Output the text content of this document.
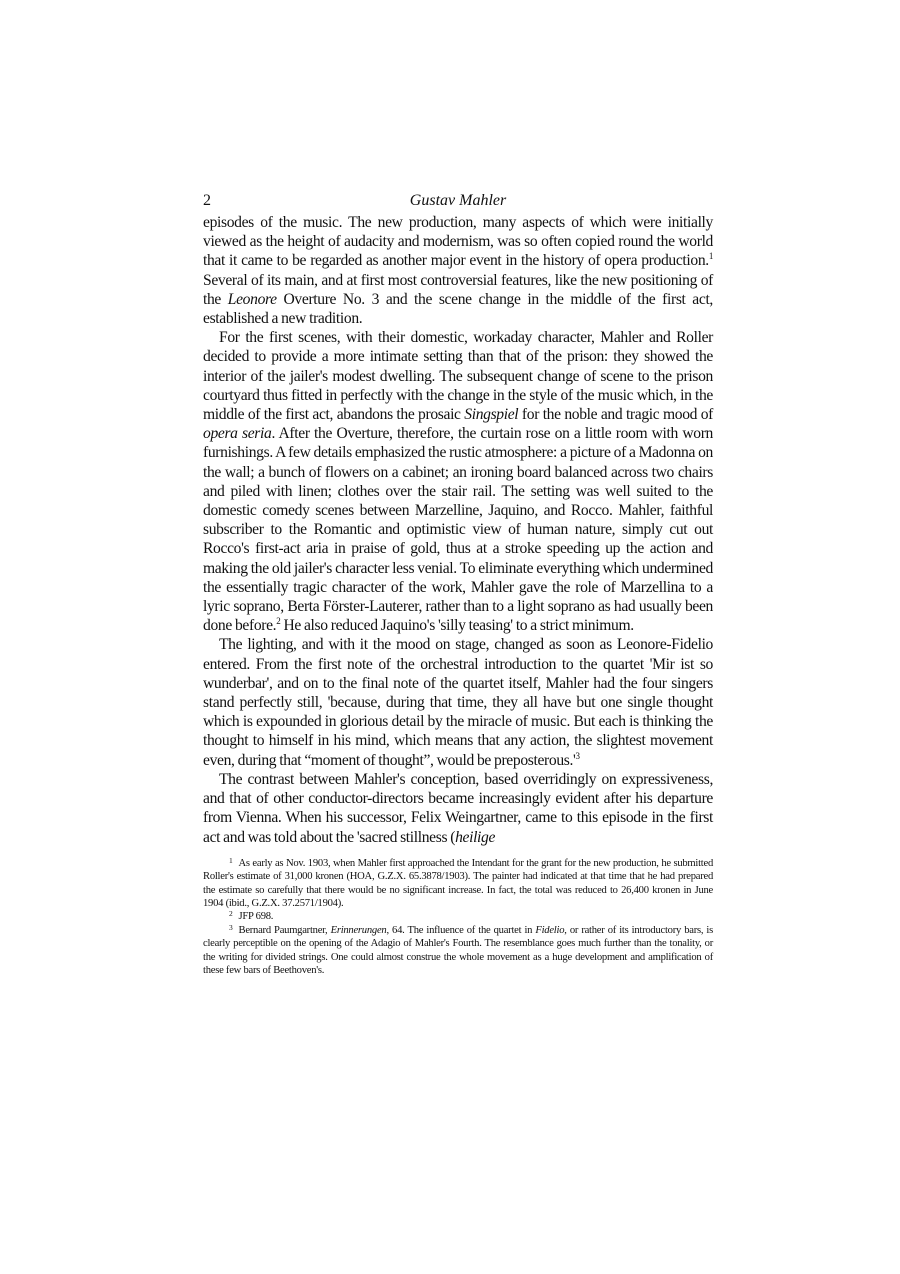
2	Gustav Mahler

episodes of the music. The new production, many aspects of which were initially viewed as the height of audacity and modernism, was so often copied round the world that it came to be regarded as another major event in the history of opera production.$^1$ Several of its main, and at first most controversial features, like the new positioning of the Leonore Overture No. 3 and the scene change in the middle of the first act, established a new tradition.

For the first scenes, with their domestic, workaday character, Mahler and Roller decided to provide a more intimate setting than that of the prison: they showed the interior of the jailer's modest dwelling. The subsequent change of scene to the prison courtyard thus fitted in perfectly with the change in the style of the music which, in the middle of the first act, abandons the prosaic Singspiel for the noble and tragic mood of opera seria. After the Overture, therefore, the curtain rose on a little room with worn furnishings. A few details emphasized the rustic atmosphere: a picture of a Madonna on the wall; a bunch of flowers on a cabinet; an ironing board balanced across two chairs and piled with linen; clothes over the stair rail. The setting was well suited to the domestic comedy scenes between Marzelline, Jaquino, and Rocco. Mahler, faithful subscriber to the Romantic and optimistic view of human nature, simply cut out Rocco's first-act aria in praise of gold, thus at a stroke speeding up the action and making the old jailer's character less venial. To eliminate everything which undermined the essentially tragic character of the work, Mahler gave the role of Marzellina to a lyric soprano, Berta Förster-Lauterer, rather than to a light soprano as had usually been done before.$^2$ He also reduced Jaquino's 'silly teasing' to a strict minimum.

The lighting, and with it the mood on stage, changed as soon as Leonore-Fidelio entered. From the first note of the orchestral introduction to the quartet 'Mir ist so wunderbar', and on to the final note of the quartet itself, Mahler had the four singers stand perfectly still, 'because, during that time, they all have but one single thought which is expounded in glorious detail by the miracle of music. But each is thinking the thought to himself in his mind, which means that any action, the slightest movement even, during that “moment of thought”, would be $preposterous.'^3$

The contrast between Mahler's conception, based overridingly on expressiveness, and that of other conductor-directors became increasingly evident after his departure from Vienna. When his successor, Felix Weingartner, came to this episode in the first act and was told about the 'sacred stillness (heilige

$^1$ As early as Nov. 1903, when Mahler first approached the Intendant for the grant for the new production, he submitted Roller's estimate of 31,000 kronen (HOA, G.Z.X. 65.3878/1903). The painter had indicated at that time that he had prepared the estimate so carefully that there would be no significant increase. In fact, the total was reduced to 26,400 kronen in June 1904 (ibid., G.Z.X. 37.2571/1904).

$^2$ JFP 698.

$^3$ Bernard Paumgartner, Erinnerungen, 64. The influence of the quartet in Fidelio, or rather of its introductory bars, is clearly perceptible on the opening of the Adagio of Mahler's Fourth. The resemblance goes much further than the tonality, or the writing for divided strings. One could almost construe the whole movement as a huge development and amplification of these few bars of Beethoven's.
